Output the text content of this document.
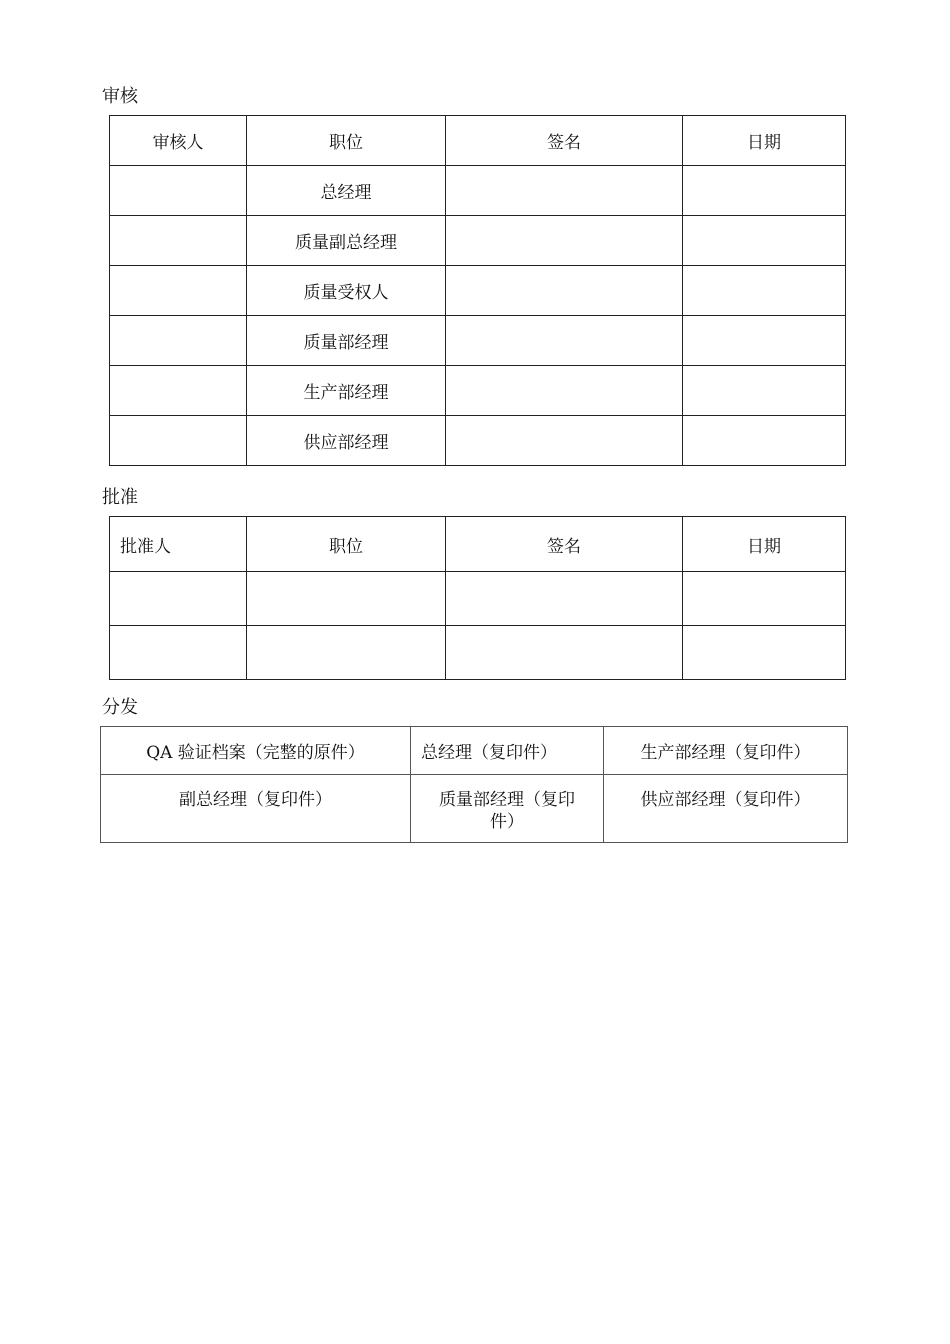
审核
审核人	职位	签名	日期
	总经理		
	质量副总经理		
	质量受权人		
	质量部经理		
	生产部经理		
	供应部经理		
批准
批准人	职位	签名	日期

分发
QA 验证档案（完整的原件）	总经理（复印件）	生产部经理（复印件）
副总经理（复印件）	质量部经理（复印件）	供应部经理（复印件）
